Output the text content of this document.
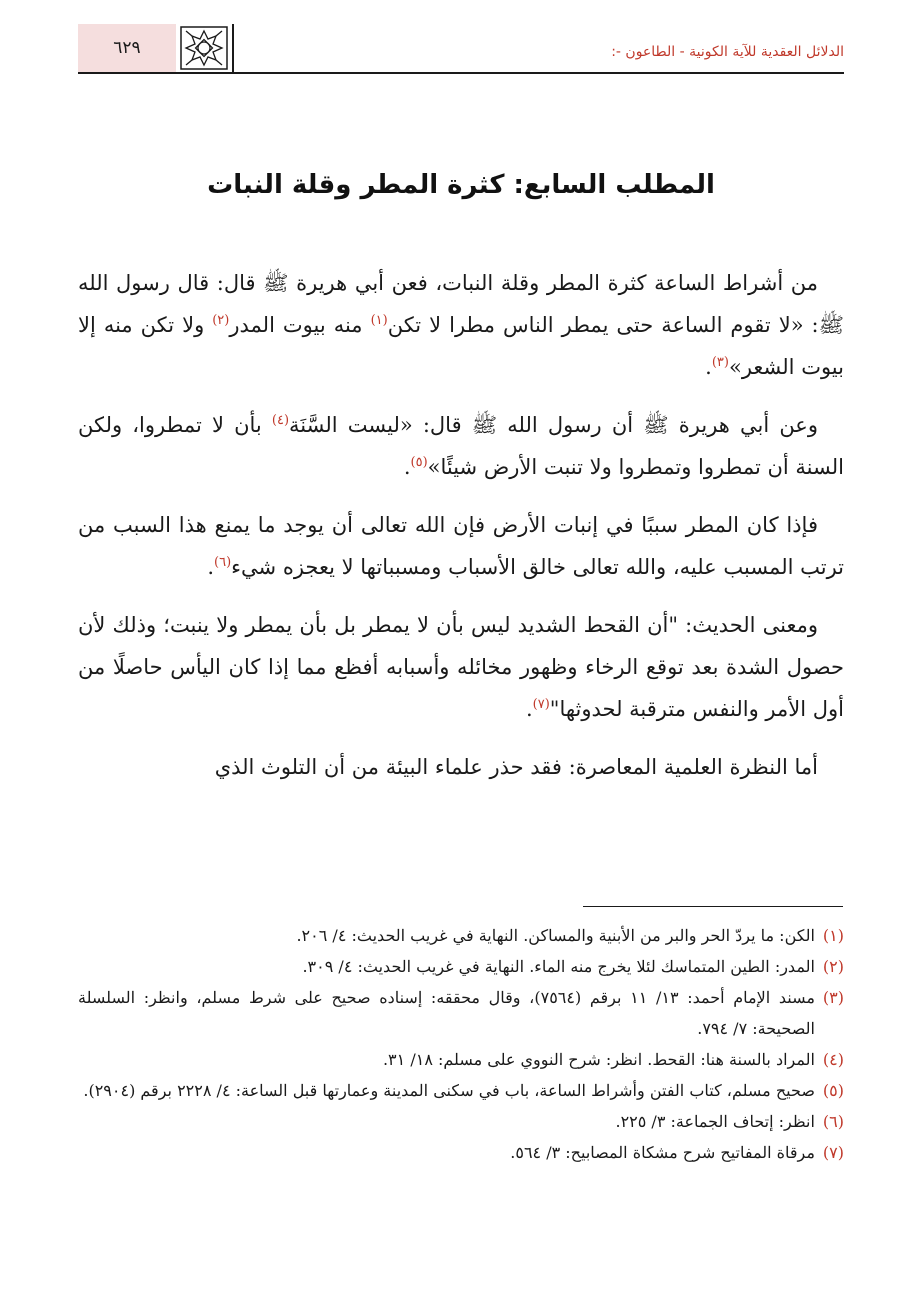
الدلائل العقدية للآية الكونية - الطاعون -:
٦٢٩
المطلب السابع: كثرة المطر وقلة النبات

من أشراط الساعة كثرة المطر وقلة النبات، فعن أبي هريرة ﷺ قال: قال رسول الله ﷺ: «لا تقوم الساعة حتى يمطر الناس مطرا لا تكن$^{(١)}$ منه بيوت المدر$^{(٢)}$ ولا تكن منه إلا بيوت الشعر»$^{(٣)}$.

وعن أبي هريرة ﷺ أن رسول الله ﷺ قال: «ليست السَّنَة$^{(٤)}$ بأن لا تمطروا، ولكن السنة أن تمطروا وتمطروا ولا تنبت الأرض شيئًا»$^{(٥)}$.

فإذا كان المطر سببًا في إنبات الأرض فإن الله تعالى أن يوجد ما يمنع هذا السبب من ترتب المسبب عليه، والله تعالى خالق الأسباب ومسبباتها لا يعجزه شيء$^{(٦)}$.

ومعنى الحديث: "أن القحط الشديد ليس بأن لا يمطر بل بأن يمطر ولا ينبت؛ وذلك لأن حصول الشدة بعد توقع الرخاء وظهور مخائله وأسبابه أفظع مما إذا كان اليأس حاصلًا من أول الأمر والنفس مترقبة لحدوثها"$^{(٧)}$.

أما النظرة العلمية المعاصرة: فقد حذر علماء البيئة من أن التلوث الذي

(١)
الكن: ما يردّ الحر والبر من الأبنية والمساكن. النهاية في غريب الحديث: ٤/ ٢٠٦.
(٢)
المدر: الطين المتماسك لئلا يخرج منه الماء. النهاية في غريب الحديث: ٤/ ٣٠٩.
(٣)
مسند الإمام أحمد: ١٣/ ١١ برقم (٧٥٦٤)، وقال محققه: إسناده صحيح على شرط مسلم، وانظر: السلسلة الصحيحة: ٧/ ٧٩٤.
(٤)
المراد بالسنة هنا: القحط. انظر: شرح النووي على مسلم: ١٨/ ٣١.
(٥)
صحيح مسلم، كتاب الفتن وأشراط الساعة، باب في سكنى المدينة وعمارتها قبل الساعة: ٤/ ٢٢٢٨ برقم (٢٩٠٤).
(٦)
انظر: إتحاف الجماعة: ٣/ ٢٢٥.
(٧)
مرقاة المفاتيح شرح مشكاة المصابيح: ٣/ ٥٦٤.
